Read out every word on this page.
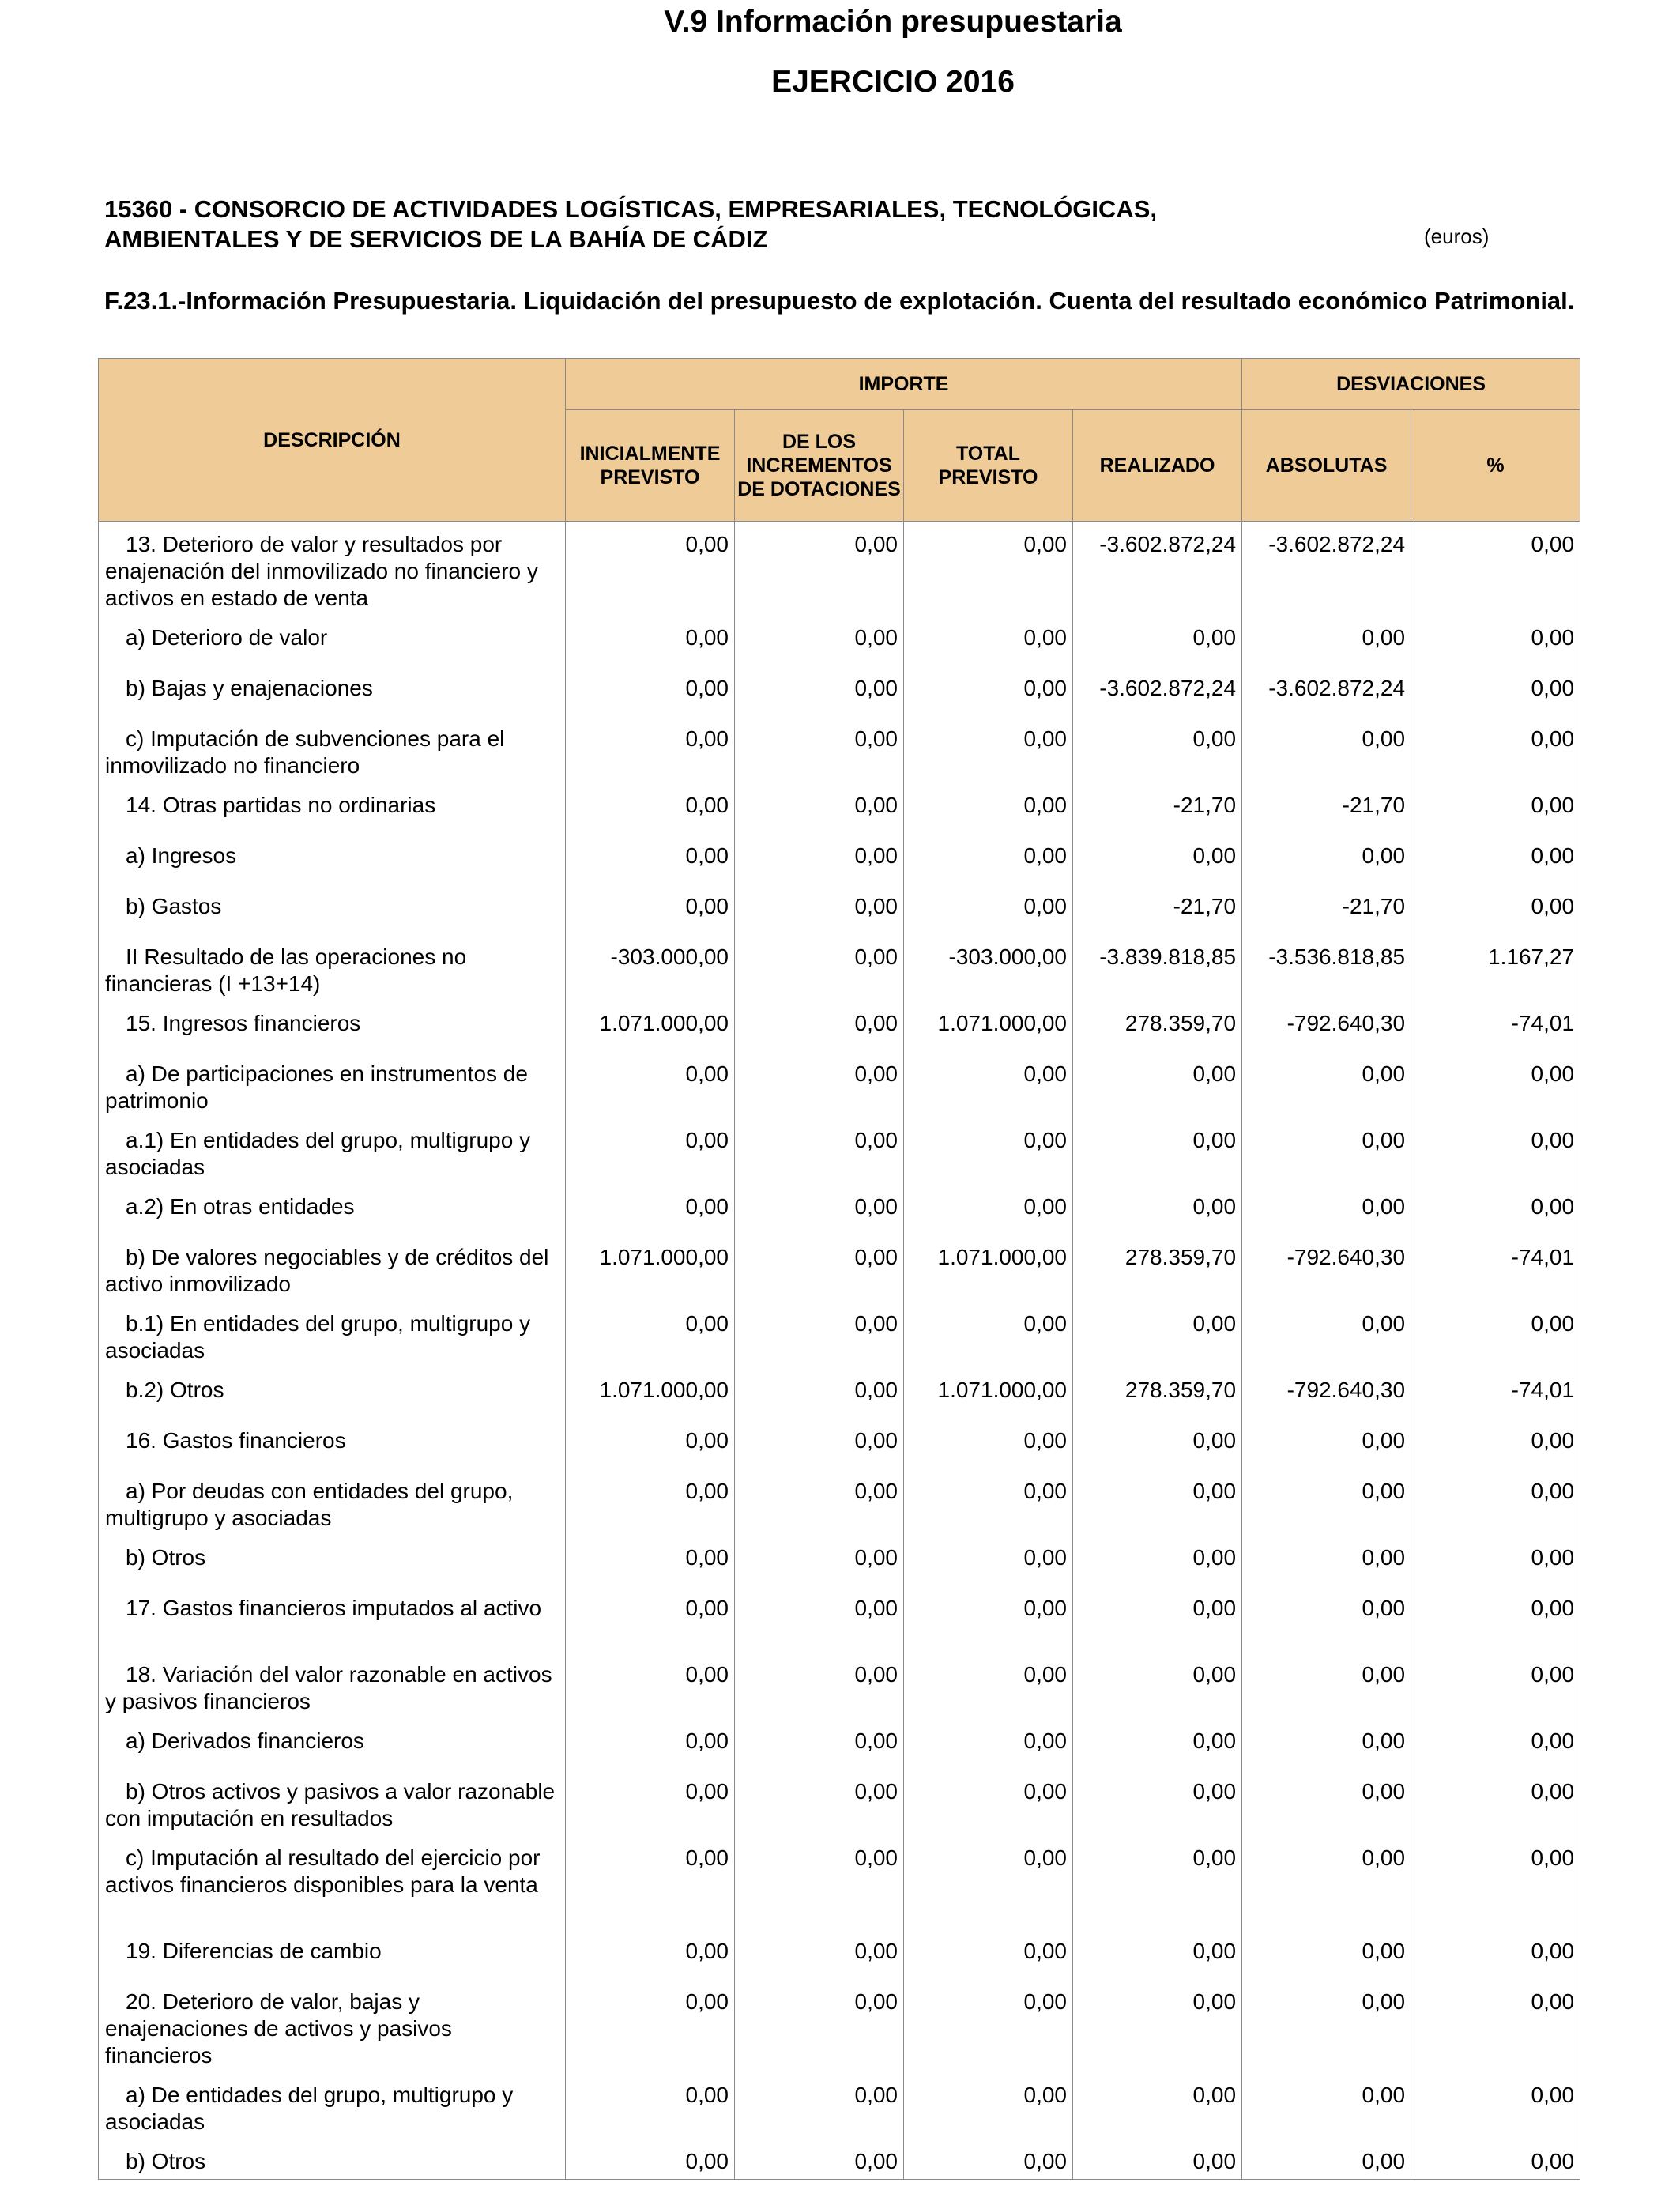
V.9 Información presupuestaria
EJERCICIO 2016
15360 - CONSORCIO DE ACTIVIDADES LOGÍSTICAS, EMPRESARIALES, TECNOLÓGICAS,
AMBIENTALES Y DE SERVICIOS DE LA BAHÍA DE CÁDIZ	(euros)
F.23.1.-Información Presupuestaria. Liquidación del presupuesto de explotación. Cuenta del resultado económico Patrimonial.
DESCRIPCIÓN	IMPORTE				DESVIACIONES	
	INICIALMENTE PREVISTO	DE LOS INCREMENTOS DE DOTACIONES	TOTAL PREVISTO	REALIZADO	ABSOLUTAS	%
13. Deterioro de valor y resultados por enajenación del inmovilizado no financiero y activos en estado de venta	0,00	0,00	0,00	-3.602.872,24	-3.602.872,24	0,00
a) Deterioro de valor	0,00	0,00	0,00	0,00	0,00	0,00
b) Bajas y enajenaciones	0,00	0,00	0,00	-3.602.872,24	-3.602.872,24	0,00
c) Imputación de subvenciones para el inmovilizado no financiero	0,00	0,00	0,00	0,00	0,00	0,00
14. Otras partidas no ordinarias	0,00	0,00	0,00	-21,70	-21,70	0,00
a) Ingresos	0,00	0,00	0,00	0,00	0,00	0,00
b) Gastos	0,00	0,00	0,00	-21,70	-21,70	0,00
II Resultado de las operaciones no financieras (I +13+14)	-303.000,00	0,00	-303.000,00	-3.839.818,85	-3.536.818,85	1.167,27
15. Ingresos financieros	1.071.000,00	0,00	1.071.000,00	278.359,70	-792.640,30	-74,01
a) De participaciones en instrumentos de patrimonio	0,00	0,00	0,00	0,00	0,00	0,00
a.1) En entidades del grupo, multigrupo y asociadas	0,00	0,00	0,00	0,00	0,00	0,00
a.2) En otras entidades	0,00	0,00	0,00	0,00	0,00	0,00
b) De valores negociables y de créditos del activo inmovilizado	1.071.000,00	0,00	1.071.000,00	278.359,70	-792.640,30	-74,01
b.1) En entidades del grupo, multigrupo y asociadas	0,00	0,00	0,00	0,00	0,00	0,00
b.2) Otros	1.071.000,00	0,00	1.071.000,00	278.359,70	-792.640,30	-74,01
16. Gastos financieros	0,00	0,00	0,00	0,00	0,00	0,00
a) Por deudas con entidades del grupo, multigrupo y asociadas	0,00	0,00	0,00	0,00	0,00	0,00
b) Otros	0,00	0,00	0,00	0,00	0,00	0,00
17. Gastos financieros imputados al activo	0,00	0,00	0,00	0,00	0,00	0,00
18. Variación del valor razonable en activos y pasivos financieros	0,00	0,00	0,00	0,00	0,00	0,00
a) Derivados financieros	0,00	0,00	0,00	0,00	0,00	0,00
b) Otros activos y pasivos a valor razonable con imputación en resultados	0,00	0,00	0,00	0,00	0,00	0,00
c) Imputación al resultado del ejercicio por activos financieros disponibles para la venta	0,00	0,00	0,00	0,00	0,00	0,00
19. Diferencias de cambio	0,00	0,00	0,00	0,00	0,00	0,00
20. Deterioro de valor, bajas y enajenaciones de activos y pasivos financieros	0,00	0,00	0,00	0,00	0,00	0,00
a) De entidades del grupo, multigrupo y asociadas	0,00	0,00	0,00	0,00	0,00	0,00
b) Otros	0,00	0,00	0,00	0,00	0,00	0,00
